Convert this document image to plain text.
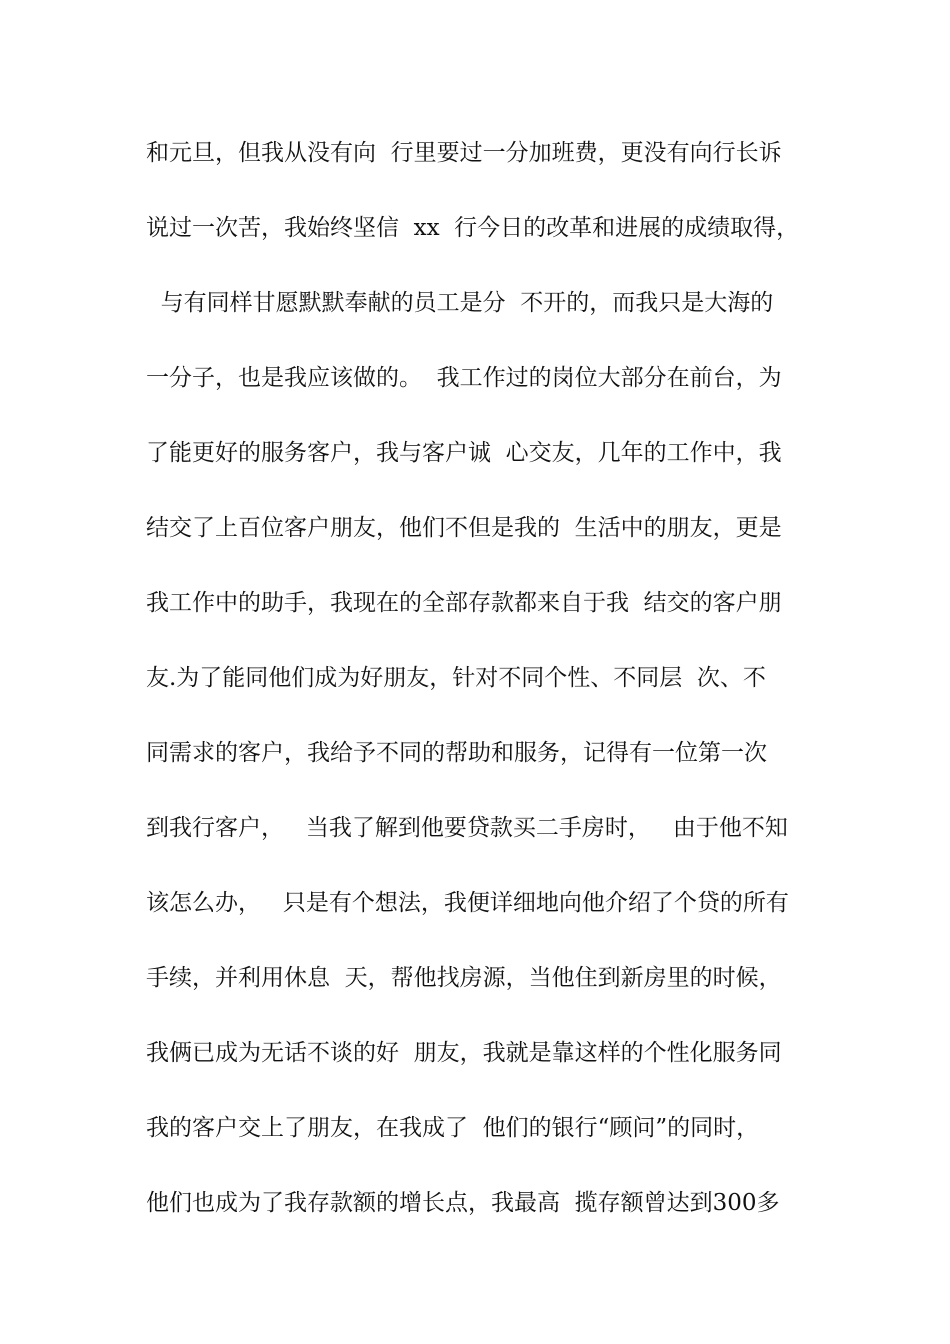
和元旦，但我从没有向  行里要过一分加班费，更没有向行长诉
说过一次苦，我始终坚信  xx  行今日的改革和进展的成绩取得，
与有同样甘愿默默奉献的员工是分  不开的，而我只是大海的
一分子，也是我应该做的。  我工作过的岗位大部分在前台，为
了能更好的服务客户，我与客户诚  心交友，几年的工作中，我
结交了上百位客户朋友，他们不但是我的  生活中的朋友，更是
我工作中的助手，我现在的全部存款都来自于我  结交的客户朋
友.为了能同他们成为好朋友，针对不同个性、不同层  次、不
同需求的客户，我给予不同的帮助和服务，记得有一位第一次
到我行客户，   当我了解到他要贷款买二手房时，   由于他不知
该怎么办，   只是有个想法，我便详细地向他介绍了个贷的所有
手续，并利用休息  天，帮他找房源，当他住到新房里的时候，
我俩已成为无话不谈的好  朋友，我就是靠这样的个性化服务同
我的客户交上了朋友，在我成了  他们的银行“顾问”的同时，
他们也成为了我存款额的增长点，我最高  揽存额曾达到300多
